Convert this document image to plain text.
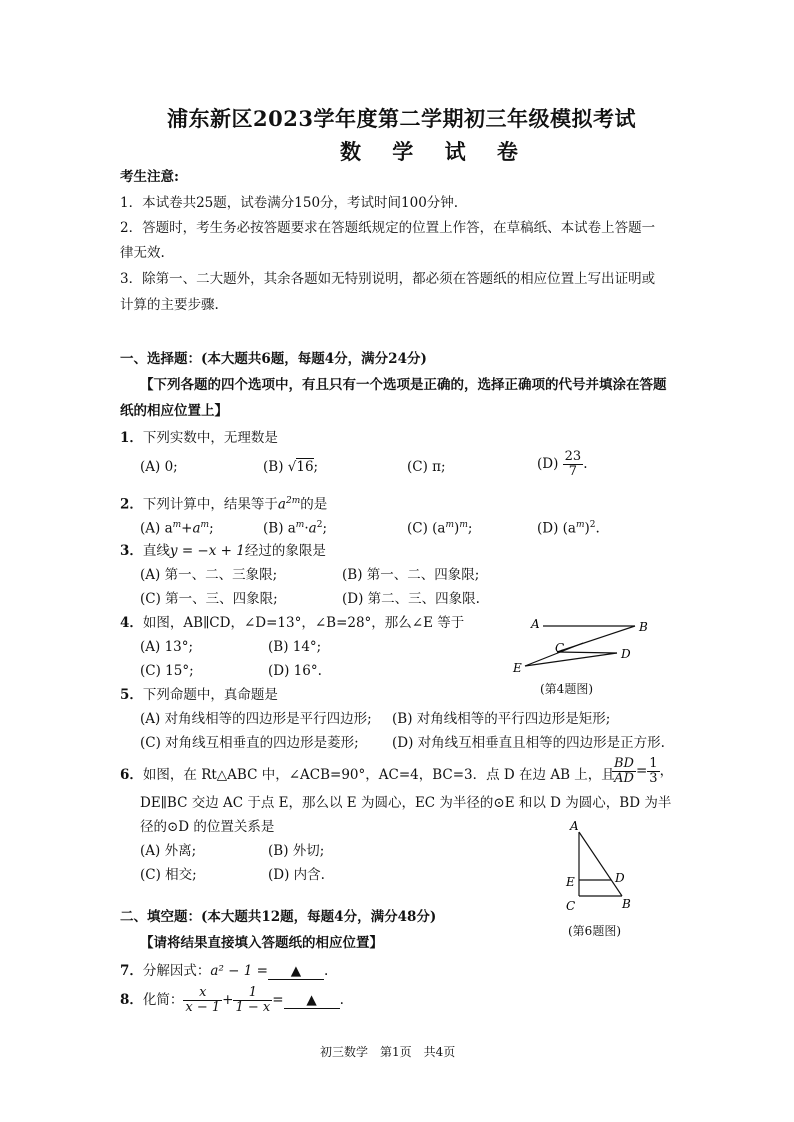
浦东新区2023学年度第二学期初三年级模拟考试
数 学 试 卷
考生注意:
1．本试卷共25题，试卷满分150分，考试时间100分钟.
2．答题时，考生务必按答题要求在答题纸规定的位置上作答，在草稿纸、本试卷上答题一
律无效.
3．除第一、二大题外，其余各题如无特别说明，都必须在答题纸的相应位置上写出证明或
计算的主要步骤.
一、选择题：(本大题共6题，每题4分，满分24分)
【下列各题的四个选项中，有且只有一个选项是正确的，选择正确项的代号并填涂在答题
纸的相应位置上】
1．下列实数中，无理数是
(A) 0;	(B) √16;	(C) π;	$(D) \frac{23}{7}$ .
2．下列计算中，结果等于$a^{2m}$的是
(A) $a^m+a^m$;	(B) $a^m\cdot a^2$;	(C) $(a^m)^m$;	(D) $(a^m)^2$.
3．直线y = −x + 1经过的象限是
(A) 第一、二、三象限;	(B) 第一、二、四象限;
(C) 第一、三、四象限;	(D) 第二、三、四象限.
4．如图，AB∥CD，∠D=13°，∠B=28°，那么∠E 等于
(A) 13°;	(B) 14°;
(C) 15°;	(D) 16°.
A	B
C	D
E
(第4题图)
5．下列命题中，真命题是
(A) 对角线相等的四边形是平行四边形; (B) 对角线相等的平行四边形是矩形;
(C) 对角线互相垂直的四边形是菱形; (D) 对角线互相垂直且相等的四边形是正方形.
6．如图，在 Rt△ABC 中，∠ACB=90°，AC=4，BC=3．点 D 在边 AB 上，且
$\frac{BD}{AD} = \frac{1}{3}$ ，
DE∥BC 交边 AC 于点 E，那么以 E 为圆心，EC 为半径的⊙E 和以 D 为圆心，BD 为半
径的⊙D 的位置关系是
(A) 外离;	(B) 外切;
(C) 相交;	(D) 内含.
A
E	D
C	B
(第6题图)
二、填空题：(本大题共12题，每题4分，满分48分)
【请将结果直接填入答题纸的相应位置】
7．分解因式：a² − 1 = ▲ .
8．化简： $\frac{x}{x - 1} + \frac{1}{1 - x}$ = ▲ .
初三数学　第1页　共4页
